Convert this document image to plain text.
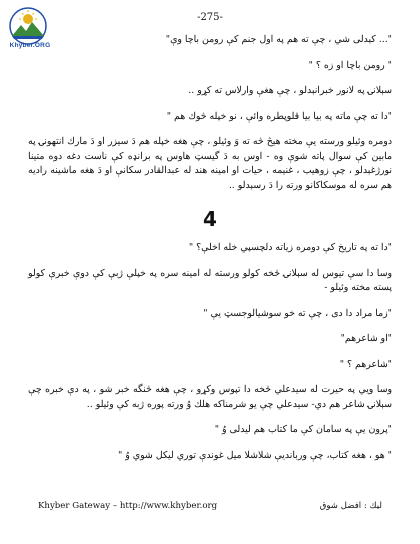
Khyber.ORG
-275-

"... كېدلى شي ، چې ته هم په اول جنم كې رومن باچا وې"

" رومن باچا او زه ؟ "

سېلانۍ په لانور خبرانېدلو ، چې هغې وارلاس ته كړو ..

"دا ته چې ماته په بيا بيا قلوپطره وائې ، نو خپله څوك هم "

دومره وئيلو ورسته يې مخته هيڅ څه ته وَ وئيلو ، چې هغه خپله هم دَ سيزر او دَ مارك انتهونۍ په مابين كې سوال پاته شوې وه - اوس به دَ گيسټ هاوس په برانډه كې ناست دغه دوه متينا نورژغېدلو ، چې زوهيب ، غنيمه ، حيات او امينه هند له عبدالقادر سكانې او دَ هغه ماشينه راديه هم سره له موسكاكانو ورته را دَ رسېدلو ..

4

"دا ته په تاريخ كې دومره زياته دلچسپي خله اخلې؟ "

وسا دا سې تيوس له سېلانۍ څخه كولو ورسته له امينه سره په خپلې ژبې كې دوې خبرې كولو پسته مخته وئيلو -

"زما مراد دا دی ، چې ته خو سوشيالوجسټ يې "

"او شاعرهم"

"شاعرهم ؟ "

وسا ويي په حيرت له سيدعلي څخه دا تپوس وكړو ، چې هغه څنگه خبر شو ، په دې خبره چې سېلانۍ شاعر هم دي- سيدعلي چې يو شرمناكه هلك وُ ورته پوره ژبه كې وئيلو ..

"پرون يې په سامان كې ما كتاب هم ليدلى وُ "

" هو ، هغه كتاب، چې وربانديې شلاشلا ميل غوندې توري ليكل شوي وُ "

Khyber Gateway – http://www.khyber.org	ليك : افضل شوق
